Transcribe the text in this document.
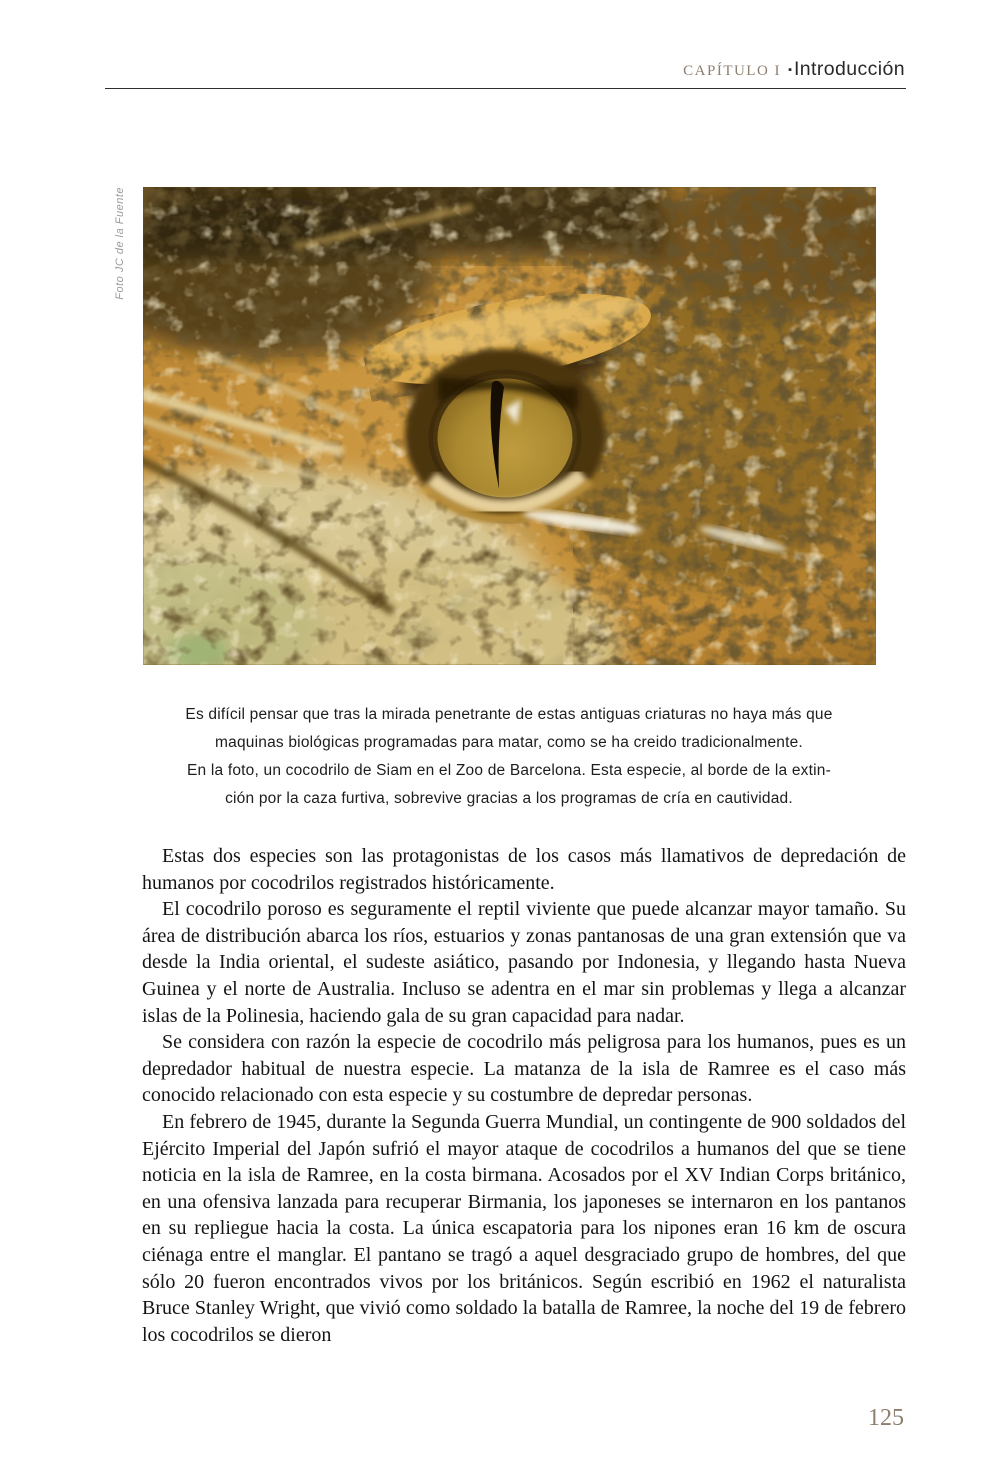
CAPÍTULO I ▪ Introducción
Foto JC de la Fuente
Es difícil pensar que tras la mirada penetrante de estas antiguas criaturas no haya más que
maquinas biológicas programadas para matar, como se ha creido tradicionalmente.
En la foto, un cocodrilo de Siam en el Zoo de Barcelona. Esta especie, al borde de la extin-
ción por la caza furtiva, sobrevive gracias a los programas de cría en cautividad.

Estas dos especies son las protagonistas de los casos más llamativos de depredación de humanos por cocodrilos registrados históricamente.

El cocodrilo poroso es seguramente el reptil viviente que puede alcanzar mayor tamaño. Su área de distribución abarca los ríos, estuarios y zonas pantanosas de una gran extensión que va desde la India oriental, el sudeste asiático, pasando por Indonesia, y llegando hasta Nueva Guinea y el norte de Australia. Incluso se adentra en el mar sin problemas y llega a alcanzar islas de la Polinesia, haciendo gala de su gran capacidad para nadar.

Se considera con razón la especie de cocodrilo más peligrosa para los humanos, pues es un depredador habitual de nuestra especie. La matanza de la isla de Ramree es el caso más conocido relacionado con esta especie y su costumbre de depredar personas.

En febrero de 1945, durante la Segunda Guerra Mundial, un contingente de 900 soldados del Ejército Imperial del Japón sufrió el mayor ataque de cocodrilos a humanos del que se tiene noticia en la isla de Ramree, en la costa birmana. Acosados por el XV Indian Corps británico, en una ofensiva lanzada para recuperar Birmania, los japoneses se internaron en los pantanos en su repliegue hacia la costa. La única escapatoria para los nipones eran 16 km de oscura ciénaga entre el manglar. El pantano se tragó a aquel desgraciado grupo de hombres, del que sólo 20 fueron encontrados vivos por los británicos. Según escribió en 1962 el naturalista Bruce Stanley Wright, que vivió como soldado la batalla de Ramree, la noche del 19 de febrero los cocodrilos se dieron

125
